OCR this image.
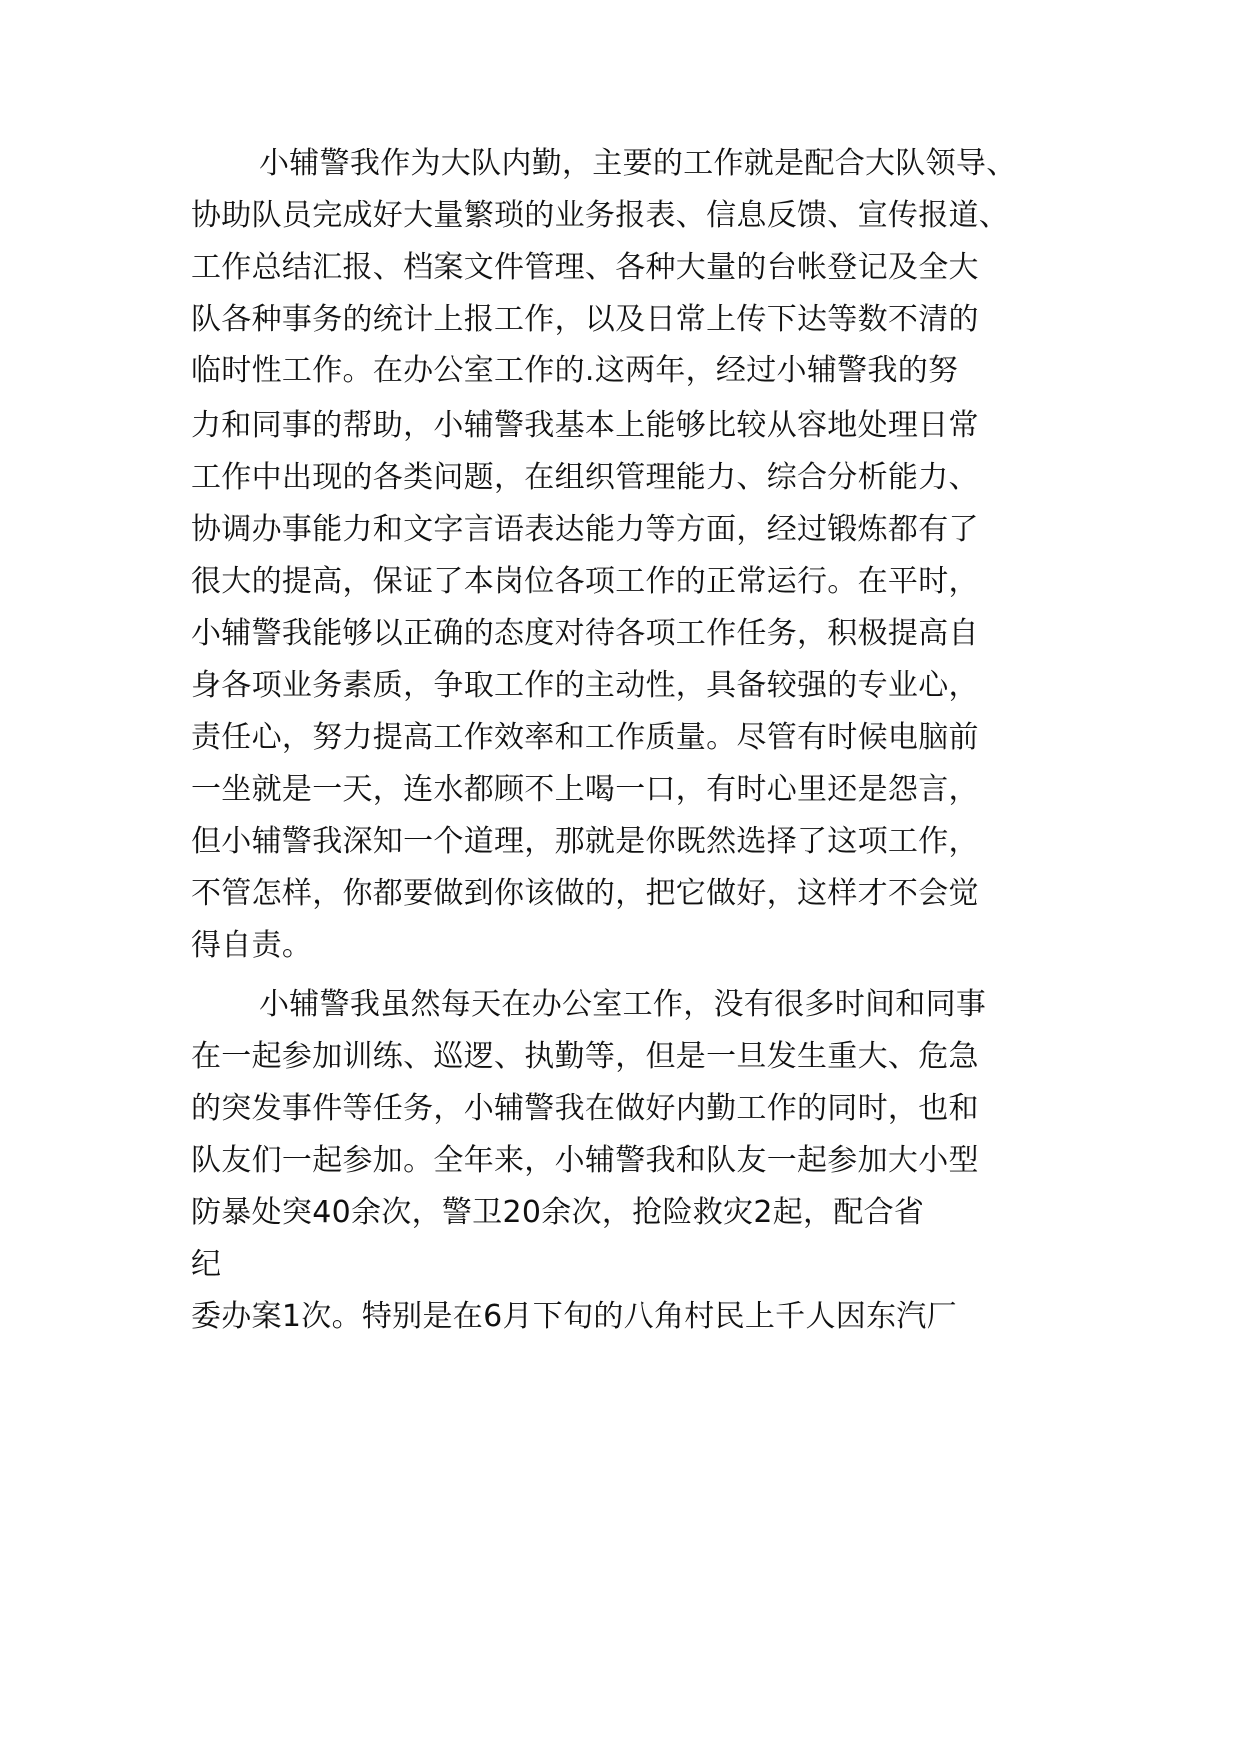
小辅警我作为大队内勤，主要的工作就是配合大队领导、
协助队员完成好大量繁琐的业务报表、信息反馈、宣传报道、
工作总结汇报、档案文件管理、各种大量的台帐登记及全大
队各种事务的统计上报工作，以及日常上传下达等数不清的
临时性工作。在办公室工作的.这两年，经过小辅警我的努
力和同事的帮助，小辅警我基本上能够比较从容地处理日常
工作中出现的各类问题，在组织管理能力、综合分析能力、
协调办事能力和文字言语表达能力等方面，经过锻炼都有了
很大的提高，保证了本岗位各项工作的正常运行。在平时，
小辅警我能够以正确的态度对待各项工作任务，积极提高自
身各项业务素质，争取工作的主动性，具备较强的专业心，
责任心，努力提高工作效率和工作质量。尽管有时候电脑前
一坐就是一天，连水都顾不上喝一口，有时心里还是怨言，
但小辅警我深知一个道理，那就是你既然选择了这项工作，
不管怎样，你都要做到你该做的，把它做好，这样才不会觉
得自责。
小辅警我虽然每天在办公室工作，没有很多时间和同事
在一起参加训练、巡逻、执勤等，但是一旦发生重大、危急
的突发事件等任务，小辅警我在做好内勤工作的同时，也和
队友们一起参加。全年来，小辅警我和队友一起参加大小型
防暴处突40余次，警卫20余次，抢险救灾2起，配合省
纪
委办案1次。特别是在6月下旬的八角村民上千人因东汽厂
